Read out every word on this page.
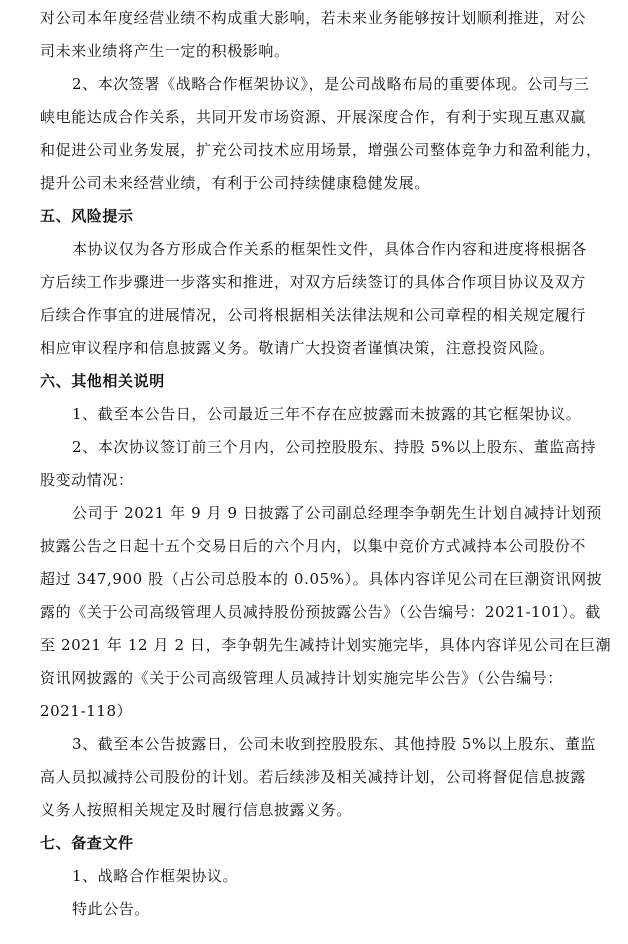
对公司本年度经营业绩不构成重大影响，若未来业务能够按计划顺利推进，对公
司未来业绩将产生一定的积极影响。
2、本次签署《战略合作框架协议》，是公司战略布局的重要体现。公司与三
峡电能达成合作关系，共同开发市场资源、开展深度合作，有利于实现互惠双赢
和促进公司业务发展，扩充公司技术应用场景，增强公司整体竞争力和盈利能力，
提升公司未来经营业绩，有利于公司持续健康稳健发展。
五、风险提示
本协议仅为各方形成合作关系的框架性文件，具体合作内容和进度将根据各
方后续工作步骤进一步落实和推进，对双方后续签订的具体合作项目协议及双方
后续合作事宜的进展情况，公司将根据相关法律法规和公司章程的相关规定履行
相应审议程序和信息披露义务。敬请广大投资者谨慎决策，注意投资风险。
六、其他相关说明
1、截至本公告日，公司最近三年不存在应披露而未披露的其它框架协议。
2、本次协议签订前三个月内，公司控股股东、持股 5%以上股东、董监高持
股变动情况：
公司于 2021 年 9 月 9 日披露了公司副总经理李争朝先生计划自减持计划预
披露公告之日起十五个交易日后的六个月内，以集中竞价方式减持本公司股份不
超过 347,900 股（占公司总股本的 0.05%）。具体内容详见公司在巨潮资讯网披
露的《关于公司高级管理人员减持股份预披露公告》（公告编号：2021-101）。截
至 2021 年 12 月 2 日，李争朝先生减持计划实施完毕，具体内容详见公司在巨潮
资讯网披露的《关于公司高级管理人员减持计划实施完毕公告》（公告编号：
2021-118）
3、截至本公告披露日，公司未收到控股股东、其他持股 5%以上股东、董监
高人员拟减持公司股份的计划。若后续涉及相关减持计划，公司将督促信息披露
义务人按照相关规定及时履行信息披露义务。
七、备查文件
1、战略合作框架协议。
特此公告。
